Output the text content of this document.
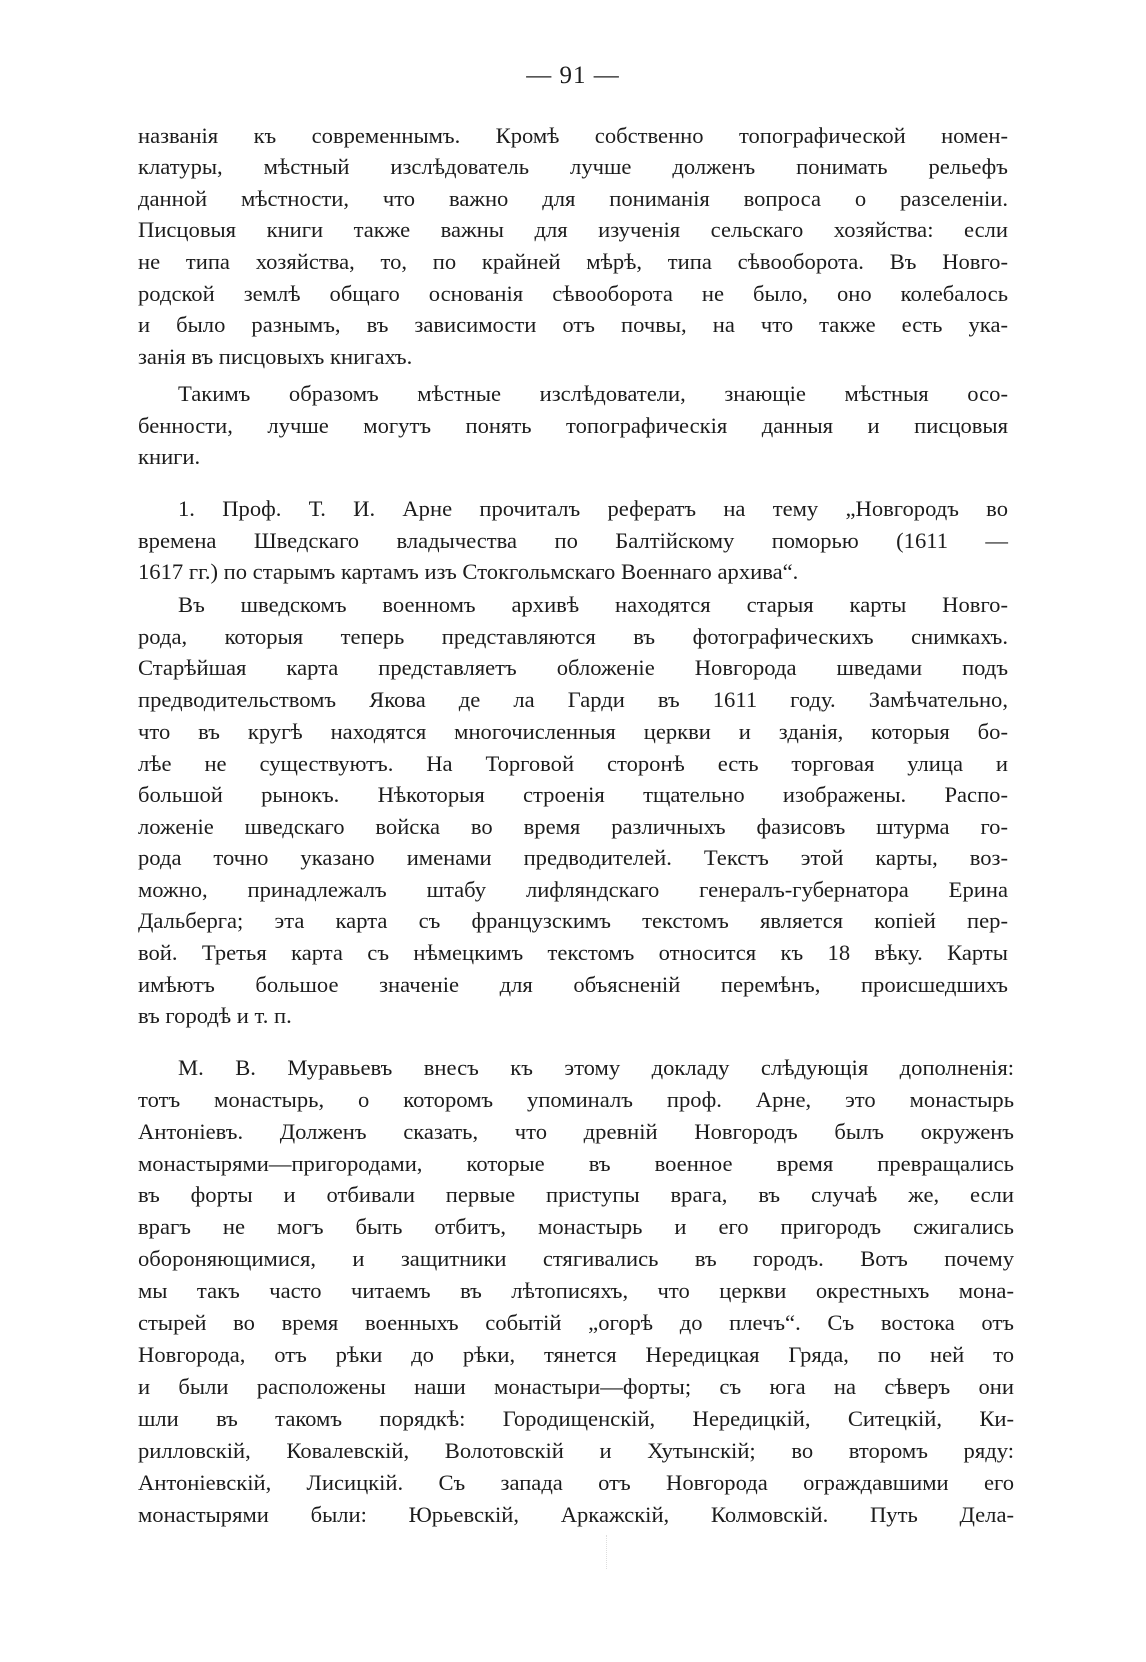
— 91 —
названія къ современнымъ. Кромѣ собственно топографической номен-
клатуры, мѣстный изслѣдователь лучше долженъ понимать рельефъ
данной мѣстности, что важно для пониманія вопроса о разселеніи.
Писцовыя книги также важны для изученія сельскаго хозяйства: если
не типа хозяйства, то, по крайней мѣрѣ, типа сѣвооборота. Въ Новго-
родской землѣ общаго основанія сѣвооборота не было, оно колебалось
и было разнымъ, въ зависимости отъ почвы, на что также есть ука-
занія въ писцовыхъ книгахъ.
Такимъ образомъ мѣстные изслѣдователи, знающіе мѣстныя осо-
бенности, лучше могутъ понять топографическія данныя и писцовыя
книги.
1. Проф. Т. И. Арне прочиталъ рефератъ на тему „Новгородъ во
времена Шведскаго владычества по Балтійскому поморью (1611 —
1617 гг.) по старымъ картамъ изъ Стокгольмскаго Военнаго архива“.
Въ шведскомъ военномъ архивѣ находятся старыя карты Новго-
рода, которыя теперь представляются въ фотографическихъ снимкахъ.
Старѣйшая карта представляетъ обложеніе Новгорода шведами подъ
предводительствомъ Якова де ла Гарди въ 1611 году. Замѣчательно,
что въ кругѣ находятся многочисленныя церкви и зданія, которыя бо-
лѣе не существуютъ. На Торговой сторонѣ есть торговая улица и
большой рынокъ. Нѣкоторыя строенія тщательно изображены. Распо-
ложеніе шведскаго войска во время различныхъ фазисовъ штурма го-
рода точно указано именами предводителей. Текстъ этой карты, воз-
можно, принадлежалъ штабу лифляндскаго генералъ-губернатора Ерина
Дальберга; эта карта съ французскимъ текстомъ является копіей пер-
вой. Третья карта съ нѣмецкимъ текстомъ относится къ 18 вѣку. Карты
имѣютъ большое значеніе для объясненій перемѣнъ, происшедшихъ
въ городѣ и т. п.
М. В. Муравьевъ внесъ къ этому докладу слѣдующія дополненія:
тотъ монастырь, о которомъ упоминалъ проф. Арне, это монастырь
Антоніевъ. Долженъ сказать, что древній Новгородъ былъ окруженъ
монастырями—пригородами, которые въ военное время превращались
въ форты и отбивали первые приступы врага, въ случаѣ же, если
врагъ не могъ быть отбитъ, монастырь и его пригородъ сжигались
обороняющимися, и защитники стягивались въ городъ. Вотъ почему
мы такъ часто читаемъ въ лѣтописяхъ, что церкви окрестныхъ мона-
стырей во время военныхъ событій „огорѣ до плечъ“. Съ востока отъ
Новгорода, отъ рѣки до рѣки, тянется Нередицкая Гряда, по ней то
и были расположены наши монастыри—форты; съ юга на сѣверъ они
шли въ такомъ порядкѣ: Городищенскій, Нередицкій, Ситецкій, Ки-
рилловскій, Ковалевскій, Волотовскій и Хутынскій; во второмъ ряду:
Антоніевскій, Лисицкій. Съ запада отъ Новгорода ограждавшими его
монастырями были: Юрьевскій, Аркажскій, Колмовскій. Путь Дела-
